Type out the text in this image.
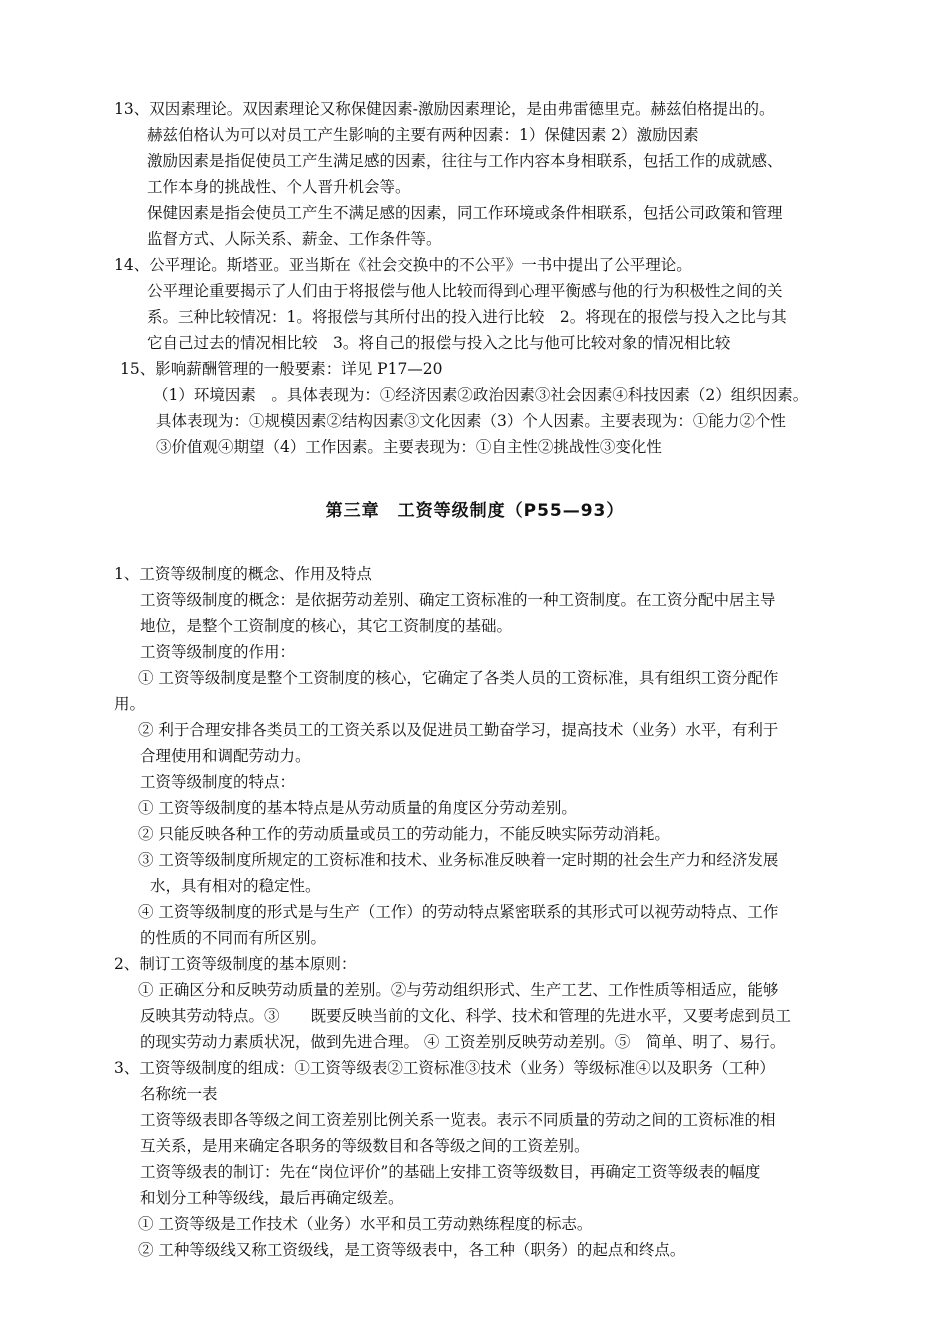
13、双因素理论。双因素理论又称保健因素-激励因素理论，是由弗雷德里克。赫兹伯格提出的。
赫兹伯格认为可以对员工产生影响的主要有两种因素：1）保健因素 2）激励因素
激励因素是指促使员工产生满足感的因素，往往与工作内容本身相联系，包括工作的成就感、
工作本身的挑战性、个人晋升机会等。
保健因素是指会使员工产生不满足感的因素，同工作环境或条件相联系，包括公司政策和管理
监督方式、人际关系、薪金、工作条件等。
14、公平理论。斯塔亚。亚当斯在《社会交换中的不公平》一书中提出了公平理论。
公平理论重要揭示了人们由于将报偿与他人比较而得到心理平衡感与他的行为积极性之间的关
系。三种比较情况：1。将报偿与其所付出的投入进行比较　2。将现在的报偿与投入之比与其
它自己过去的情况相比较　3。将自己的报偿与投入之比与他可比较对象的情况相比较
15、影响薪酬管理的一般要素：详见 P17—20
（1）环境因素　。具体表现为：①经济因素②政治因素③社会因素④科技因素（2）组织因素。
具体表现为：①规模因素②结构因素③文化因素（3）个人因素。主要表现为：①能力②个性
③价值观④期望（4）工作因素。主要表现为：①自主性②挑战性③变化性
第三章　工资等级制度（P55—93）
1、工资等级制度的概念、作用及特点
工资等级制度的概念：是依据劳动差别、确定工资标准的一种工资制度。在工资分配中居主导
地位，是整个工资制度的核心，其它工资制度的基础。
工资等级制度的作用：
① 工资等级制度是整个工资制度的核心，它确定了各类人员的工资标准，具有组织工资分配作
用。
② 利于合理安排各类员工的工资关系以及促进员工勤奋学习，提高技术（业务）水平，有利于
合理使用和调配劳动力。
工资等级制度的特点：
① 工资等级制度的基本特点是从劳动质量的角度区分劳动差别。
② 只能反映各种工作的劳动质量或员工的劳动能力，不能反映实际劳动消耗。
③ 工资等级制度所规定的工资标准和技术、业务标准反映着一定时期的社会生产力和经济发展
水，具有相对的稳定性。
④ 工资等级制度的形式是与生产（工作）的劳动特点紧密联系的其形式可以视劳动特点、工作
的性质的不同而有所区别。
2、制订工资等级制度的基本原则：
① 正确区分和反映劳动质量的差别。②与劳动组织形式、生产工艺、工作性质等相适应，能够
反映其劳动特点。③　　既要反映当前的文化、科学、技术和管理的先进水平，又要考虑到员工
的现实劳动力素质状况，做到先进合理。 ④ 工资差别反映劳动差别。⑤　简单、明了、易行。
3、工资等级制度的组成：①工资等级表②工资标准③技术（业务）等级标准④以及职务（工种）
名称统一表
工资等级表即各等级之间工资差别比例关系一览表。表示不同质量的劳动之间的工资标准的相
互关系，是用来确定各职务的等级数目和各等级之间的工资差别。
工资等级表的制订：先在“岗位评价”的基础上安排工资等级数目，再确定工资等级表的幅度
和划分工种等级线，最后再确定级差。
① 工资等级是工作技术（业务）水平和员工劳动熟练程度的标志。
② 工种等级线又称工资级线，是工资等级表中，各工种（职务）的起点和终点。
